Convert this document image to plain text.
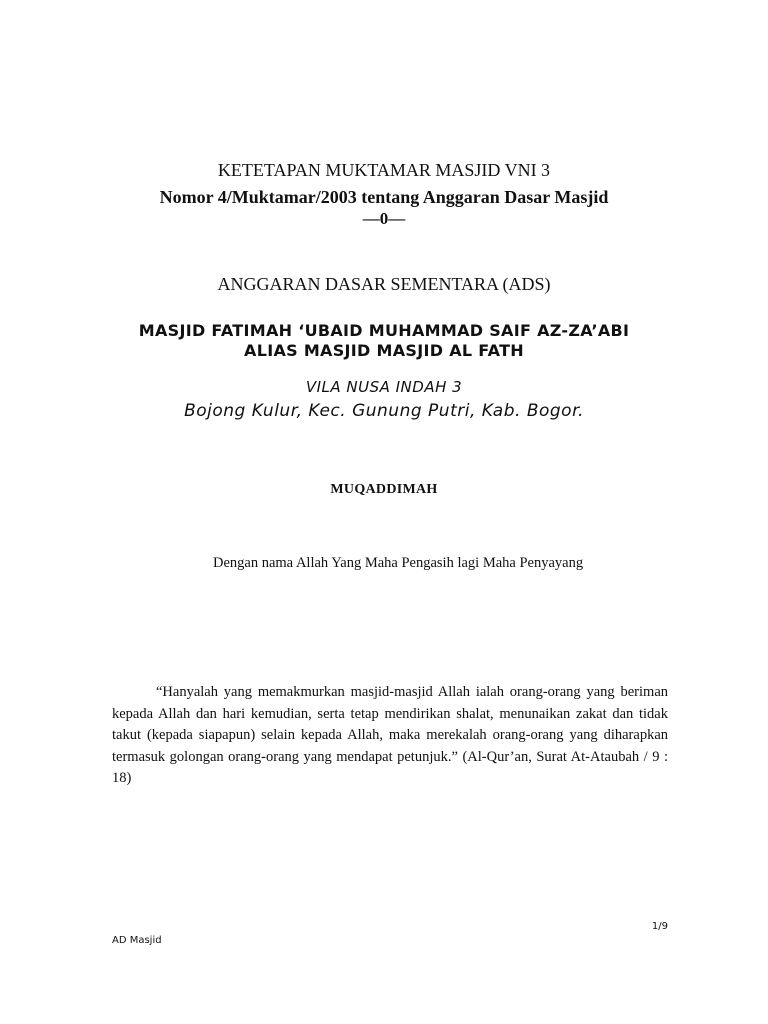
KETETAPAN MUKTAMAR MASJID VNI 3
Nomor 4/Muktamar/2003 tentang Anggaran Dasar Masjid
—0—
ANGGARAN DASAR SEMENTARA (ADS)
MASJID FATIMAH ‘UBAID MUHAMMAD SAIF AZ-ZA’ABI
ALIAS MASJID MASJID AL FATH
VILA NUSA INDAH 3
Bojong Kulur, Kec. Gunung Putri, Kab. Bogor.
MUQADDIMAH
Dengan nama Allah Yang Maha Pengasih lagi Maha Penyayang
“Hanyalah yang memakmurkan masjid-masjid Allah ialah orang-orang yang beriman kepada Allah dan hari kemudian, serta tetap mendirikan shalat, menunaikan zakat dan tidak takut (kepada siapapun) selain kepada Allah, maka merekalah orang-orang yang diharapkan termasuk golongan orang-orang yang mendapat petunjuk.” (Al-Qur’an, Surat At-Ataubah / 9 : 18)
1/9
AD Masjid
